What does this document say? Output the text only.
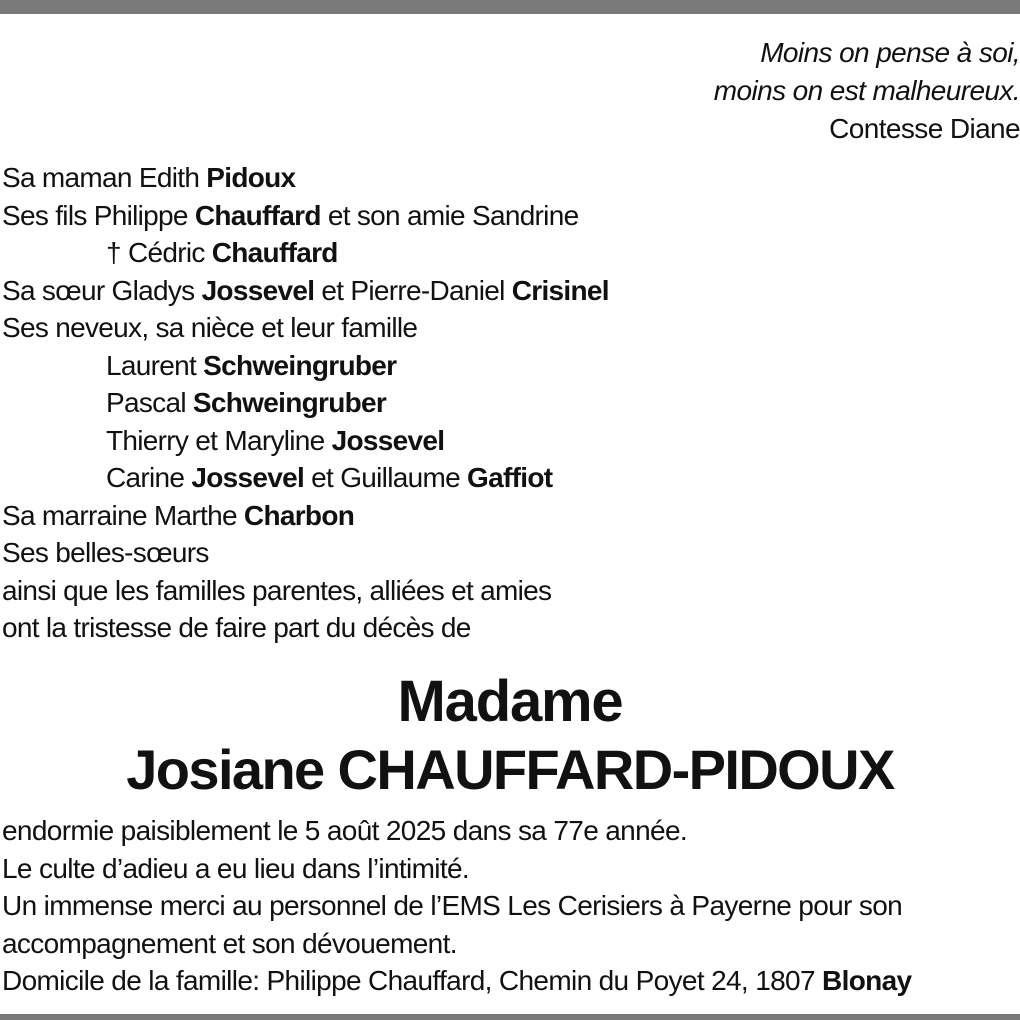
Moins on pense à soi,
moins on est malheureux.
Contesse Diane
Sa maman Edith Pidoux
Ses fils Philippe Chauffard et son amie Sandrine
† Cédric Chauffard
Sa sœur Gladys Jossevel et Pierre-Daniel Crisinel
Ses neveux, sa nièce et leur famille
Laurent Schweingruber
Pascal Schweingruber
Thierry et Maryline Jossevel
Carine Jossevel et Guillaume Gaffiot
Sa marraine Marthe Charbon
Ses belles-sœurs
ainsi que les familles parentes, alliées et amies
ont la tristesse de faire part du décès de
Madame
Josiane CHAUFFARD-PIDOUX
endormie paisiblement le 5 août 2025 dans sa 77e année.
Le culte d’adieu a eu lieu dans l’intimité.
Un immense merci au personnel de l’EMS Les Cerisiers à Payerne pour son
accompagnement et son dévouement.
Domicile de la famille: Philippe Chauffard, Chemin du Poyet 24, 1807 Blonay
